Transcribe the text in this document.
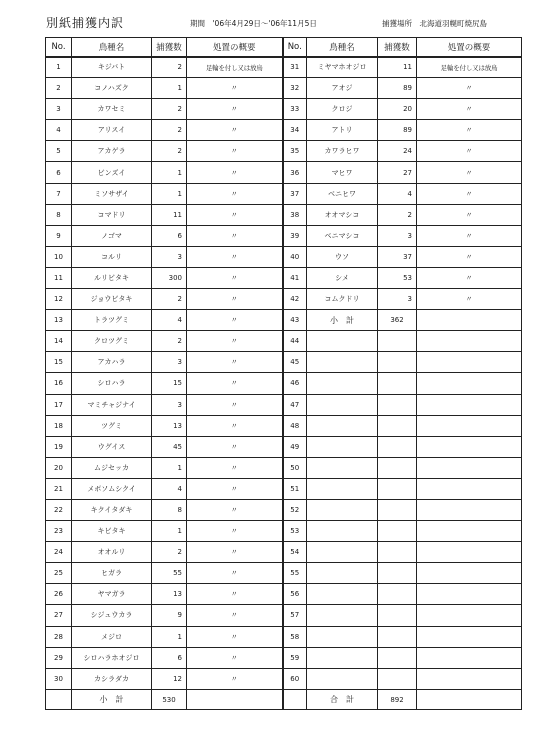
別紙捕獲内訳	期間　'06年4月29日～'06年11月5日	捕獲場所　北海道羽幌町焼尻島
No.	鳥種名	捕獲数	処置の概要	No.	鳥種名	捕獲数	処置の概要
1	キジバト	2	足輪を付し又は放鳥	31	ミヤマホオジロ	11	足輪を付し又は放鳥
2	コノハズク	1	〃	32	アオジ	89	〃
3	カワセミ	2	〃	33	クロジ	20	〃
4	アリスイ	2	〃	34	アトリ	89	〃
5	アカゲラ	2	〃	35	カワラヒワ	24	〃
6	ビンズイ	1	〃	36	マヒワ	27	〃
7	ミソサザイ	1	〃	37	ベニヒワ	4	〃
8	コマドリ	11	〃	38	オオマシコ	2	〃
9	ノゴマ	6	〃	39	ベニマシコ	3	〃
10	コルリ	3	〃	40	ウソ	37	〃
11	ルリビタキ	300	〃	41	シメ	53	〃
12	ジョウビタキ	2	〃	42	コムクドリ	3	〃
13	トラツグミ	4	〃	43	小　計	362	
14	クロツグミ	2	〃	44			
15	アカハラ	3	〃	45			
16	シロハラ	15	〃	46			
17	マミチャジナイ	3	〃	47			
18	ツグミ	13	〃	48			
19	ウグイス	45	〃	49			
20	ムジセッカ	1	〃	50			
21	メボソムシクイ	4	〃	51			
22	キクイタダキ	8	〃	52			
23	キビタキ	1	〃	53			
24	オオルリ	2	〃	54			
25	ヒガラ	55	〃	55			
26	ヤマガラ	13	〃	56			
27	シジュウカラ	9	〃	57			
28	メジロ	1	〃	58			
29	シロハラホオジロ	6	〃	59			
30	カシラダカ	12	〃	60			
	小　計	530			合　計	892	
